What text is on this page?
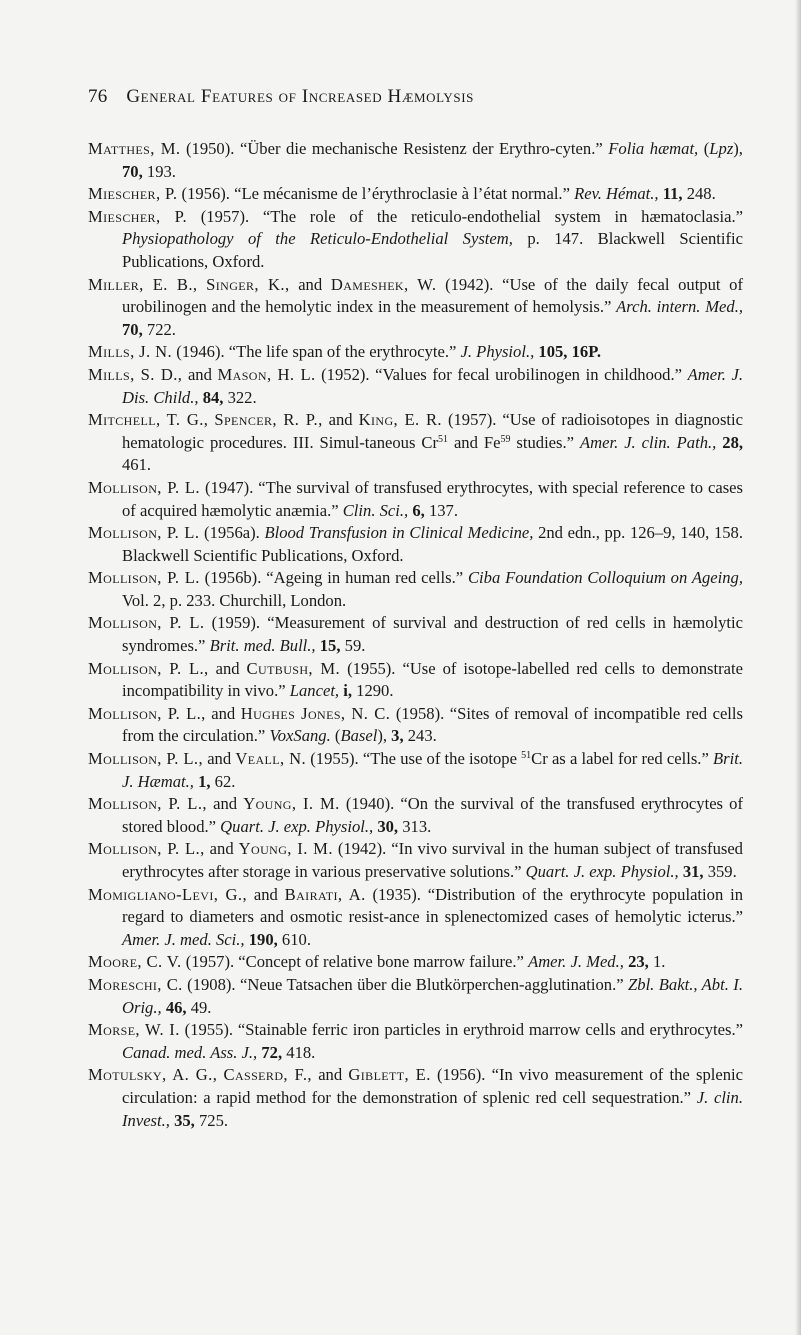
76 General Features of Increased Hæmolysis
Matthes, M. (1950). “Über die mechanische Resistenz der Erythro-cyten.” Folia hæmat, (Lpz), 70, 193.
Miescher, P. (1956). “Le mécanisme de l’érythroclasie à l’état normal.” Rev. Hémat., 11, 248.
Miescher, P. (1957). “The role of the reticulo-endothelial system in hæmatoclasia.” Physiopathology of the Reticulo-Endothelial System, p. 147. Blackwell Scientific Publications, Oxford.
Miller, E. B., Singer, K., and Dameshek, W. (1942). “Use of the daily fecal output of urobilinogen and the hemolytic index in the measurement of hemolysis.” Arch. intern. Med., 70, 722.
Mills, J. N. (1946). “The life span of the erythrocyte.” J. Physiol., 105, 16P.
Mills, S. D., and Mason, H. L. (1952). “Values for fecal urobilinogen in childhood.” Amer. J. Dis. Child., 84, 322.
Mitchell, T. G., Spencer, R. P., and King, E. R. (1957). “Use of radioisotopes in diagnostic hematologic procedures. III. Simul-taneous Cr$^{51}$ and Fe$^{59}$ studies.” Amer. J. clin. Path., 28, 461.
Mollison, P. L. (1947). “The survival of transfused erythrocytes, with special reference to cases of acquired hæmolytic anæmia.” Clin. Sci., 6, 137.
Mollison, P. L. (1956a). Blood Transfusion in Clinical Medicine, 2nd edn., pp. 126–9, 140, 158. Blackwell Scientific Publications, Oxford.
Mollison, P. L. (1956b). “Ageing in human red cells.” Ciba Foundation Colloquium on Ageing, Vol. 2, p. 233. Churchill, London.
Mollison, P. L. (1959). “Measurement of survival and destruction of red cells in hæmolytic syndromes.” Brit. med. Bull., 15, 59.
Mollison, P. L., and Cutbush, M. (1955). “Use of isotope-labelled red cells to demonstrate incompatibility in vivo.” Lancet, i, 1290.
Mollison, P. L., and Hughes Jones, N. C. (1958). “Sites of removal of incompatible red cells from the circulation.” VoxSang. (Basel), 3, 243.
Mollison, P. L., and Veall, N. (1955). “The use of the isotope $^{51}$Cr as a label for red cells.” Brit. J. Hæmat., 1, 62.
Mollison, P. L., and Young, I. M. (1940). “On the survival of the transfused erythrocytes of stored blood.” Quart. J. exp. Physiol., 30, 313.
Mollison, P. L., and Young, I. M. (1942). “In vivo survival in the human subject of transfused erythrocytes after storage in various preservative solutions.” Quart. J. exp. Physiol., 31, 359.
Momigliano-Levi, G., and Bairati, A. (1935). “Distribution of the erythrocyte population in regard to diameters and osmotic resist-ance in splenectomized cases of hemolytic icterus.” Amer. J. med. Sci., 190, 610.
Moore, C. V. (1957). “Concept of relative bone marrow failure.” Amer. J. Med., 23, 1.
Moreschi, C. (1908). “Neue Tatsachen über die Blutkörperchen-agglutination.” Zbl. Bakt., Abt. I. Orig., 46, 49.
Morse, W. I. (1955). “Stainable ferric iron particles in erythroid marrow cells and erythrocytes.” Canad. med. Ass. J., 72, 418.
Motulsky, A. G., Casserd, F., and Giblett, E. (1956). “In vivo measurement of the splenic circulation: a rapid method for the demonstration of splenic red cell sequestration.” J. clin. Invest., 35, 725.
